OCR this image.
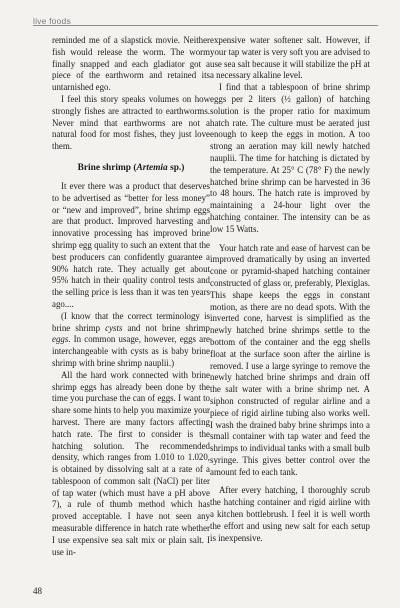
live foods

reminded me of a slapstick movie. Neither fish would release the worm. The worm finally snapped and each gladiator got a piece of the earthworm and retained its untarnished ego.

I feel this story speaks volumes on how strongly fishes are attracted to earthworms. Never mind that earthworms are not a natural food for most fishes, they just love them.

Brine shrimp (Artemia sp.)

It ever there was a product that deserves to be advertised as “better for less money” or “new and improved”, brine shrimp eggs are that product. Improved harvesting and innovative processing has improved brine shrimp egg quality to such an extent that the best producers can confidently guarantee a 90% hatch rate. They actually get about 95% hatch in their quality control tests and the selling price is less than it was ten years ago....

(I know that the correct terminology is brine shrimp cysts and not brine shrimp eggs. In common usage, however, eggs are interchangeable with cysts as is baby brine shrimp with brine shrimp nauplii.)

All the hard work connected with brine shrimp eggs has already been done by the time you purchase the can of eggs. I want to share some hints to help you maximize your harvest. There are many factors affecting hatch rate. The first to consider is the hatching solution. The recommended density, which ranges from 1.010 to 1.020, is obtained by dissolving salt at a rate of a tablespoon of common salt (NaCl) per liter of tap water (which must have a pH above 7), a rule of thumb method which has proved acceptable. I have not seen any measurable difference in hatch rate whether I use expensive sea salt mix or plain salt. I use in-

expensive water softener salt. However, if your tap water is very soft you are advised to use sea salt because it will stabilize the pH at a necessary alkaline level.

I find that a tablespoon of brine shrimp eggs per 2 liters (½ gallon) of hatching solution is the proper ratio for maximum hatch rate. The culture must be aerated just enough to keep the eggs in motion. A too strong an aeration may kill newly hatched nauplii. The time for hatching is dictated by the temperature. At 25° C (78° F) the newly hatched brine shrimp can be harvested in 36 to 48 hours. The hatch rate is improved by maintaining a 24-hour light over the hatching container. The intensity can be as low 15 Watts.

Your hatch rate and ease of harvest can be improved dramatically by using an inverted cone or pyramid-shaped hatching container constructed of glass or, preferably, Plexiglas. This shape keeps the eggs in constant motion, as there are no dead spots. With the inverted cone, harvest is simplified as the newly hatched brine shrimps settle to the bottom of the container and the egg shells float at the surface soon after the airline is removed. I use a large syringe to remove the newly hatched brine shrimps and drain off the salt water with a brine shrimp net. A siphon constructed of regular airline and a piece of rigid airline tubing also works well. I wash the drained baby brine shrimps into a small container with tap water and feed the shrimps to individual tanks with a small bulb syringe. This gives better control over the amount fed to each tank.

After every hatching, I thoroughly scrub the hatching container and rigid airline with a kitchen bottlebrush. I feel it is well worth the effort and using new salt for each setup is inexpensive.

48
